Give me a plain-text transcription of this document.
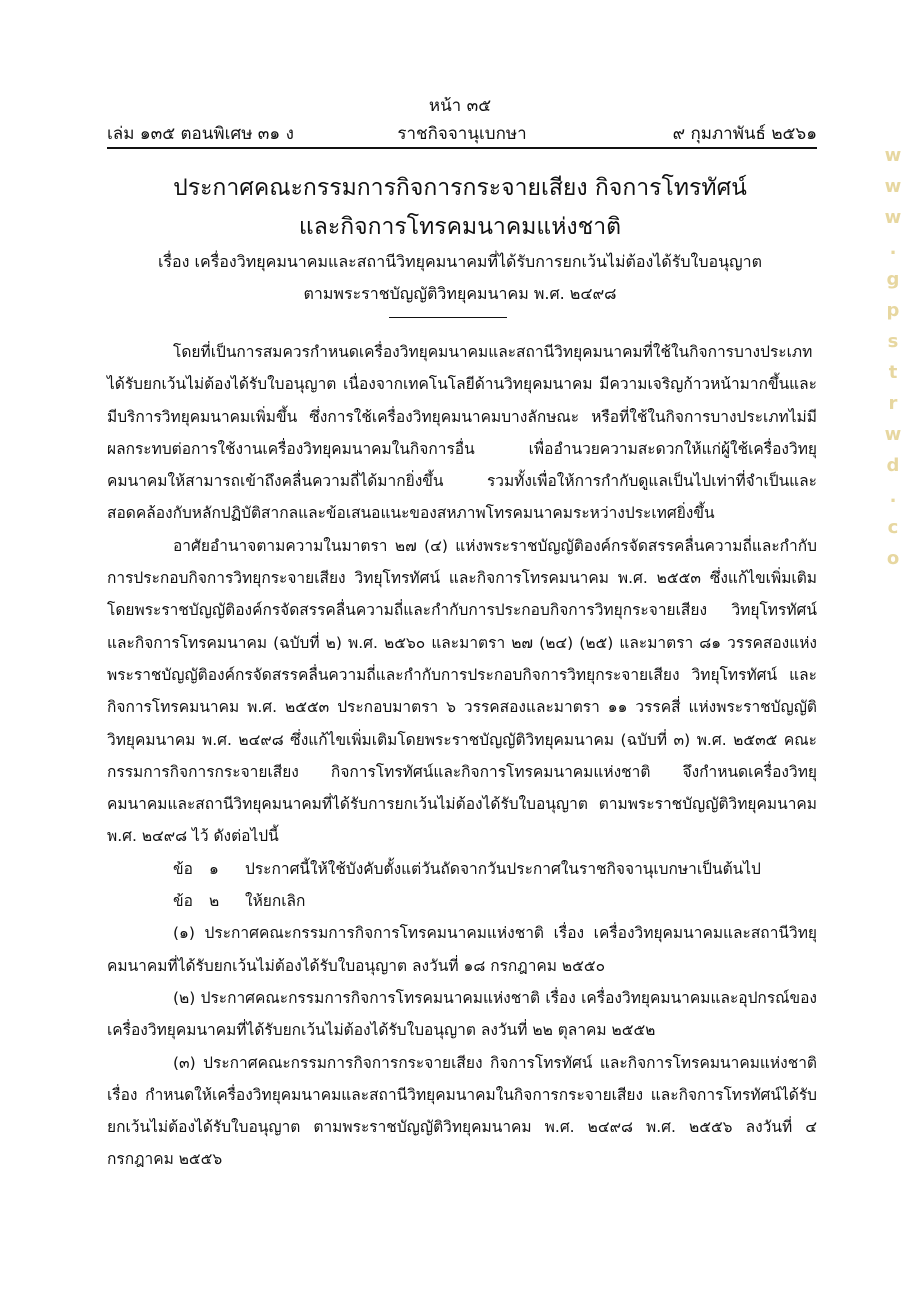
หน้า ๓๕
เล่ม ๑๓๕ ตอนพิเศษ ๓๑ ง	ราชกิจจานุเบกษา	๙ กุมภาพันธ์ ๒๕๖๑
ประกาศคณะกรรมการกิจการกระจายเสียง กิจการโทรทัศน์
และกิจการโทรคมนาคมแห่งชาติ
เรื่อง เครื่องวิทยุคมนาคมและสถานีวิทยุคมนาคมที่ได้รับการยกเว้นไม่ต้องได้รับใบอนุญาต
ตามพระราชบัญญัติวิทยุคมนาคม พ.ศ. ๒๔๙๘

โดยที่เป็นการสมควรกำหนดเครื่องวิทยุคมนาคมและสถานีวิทยุคมนาคมที่ใช้ในกิจการบางประเภทได้รับยกเว้นไม่ต้องได้รับใบอนุญาต เนื่องจากเทคโนโลยีด้านวิทยุคมนาคม มีความเจริญก้าวหน้ามากขึ้นและมีบริการวิทยุคมนาคมเพิ่มขึ้น ซึ่งการใช้เครื่องวิทยุคมนาคมบางลักษณะ หรือที่ใช้ในกิจการบางประเภทไม่มีผลกระทบต่อการใช้งานเครื่องวิทยุคมนาคมในกิจการอื่น เพื่ออำนวยความสะดวกให้แก่ผู้ใช้เครื่องวิทยุคมนาคมให้สามารถเข้าถึงคลื่นความถี่ได้มากยิ่งขึ้น รวมทั้งเพื่อให้การกำกับดูแลเป็นไปเท่าที่จำเป็นและสอดคล้องกับหลักปฏิบัติสากลและข้อเสนอแนะของสหภาพโทรคมนาคมระหว่างประเทศยิ่งขึ้น

อาศัยอำนาจตามความในมาตรา ๒๗ (๔) แห่งพระราชบัญญัติองค์กรจัดสรรคลื่นความถี่และกำกับการประกอบกิจการวิทยุกระจายเสียง วิทยุโทรทัศน์ และกิจการโทรคมนาคม พ.ศ. ๒๕๕๓ ซึ่งแก้ไขเพิ่มเติมโดยพระราชบัญญัติองค์กรจัดสรรคลื่นความถี่และกำกับการประกอบกิจการวิทยุกระจายเสียง วิทยุโทรทัศน์ และกิจการโทรคมนาคม (ฉบับที่ ๒) พ.ศ. ๒๕๖๐ และมาตรา ๒๗ (๒๔) (๒๕) และมาตรา ๘๑ วรรคสองแห่งพระราชบัญญัติองค์กรจัดสรรคลื่นความถี่และกำกับการประกอบกิจการวิทยุกระจายเสียง วิทยุโทรทัศน์ และกิจการโทรคมนาคม พ.ศ. ๒๕๕๓ ประกอบมาตรา ๖ วรรคสองและมาตรา ๑๑ วรรคสี่ แห่งพระราชบัญญัติวิทยุคมนาคม พ.ศ. ๒๔๙๘ ซึ่งแก้ไขเพิ่มเติมโดยพระราชบัญญัติวิทยุคมนาคม (ฉบับที่ ๓) พ.ศ. ๒๕๓๕ คณะกรรมการกิจการกระจายเสียง กิจการโทรทัศน์และกิจการโทรคมนาคมแห่งชาติ จึงกำหนดเครื่องวิทยุคมนาคมและสถานีวิทยุคมนาคมที่ได้รับการยกเว้นไม่ต้องได้รับใบอนุญาต ตามพระราชบัญญัติวิทยุคมนาคม พ.ศ. ๒๔๙๘ ไว้ ดังต่อไปนี้

ข้อ ๑ ประกาศนี้ให้ใช้บังคับตั้งแต่วันถัดจากวันประกาศในราชกิจจานุเบกษาเป็นต้นไป

ข้อ ๒ ให้ยกเลิก

(๑) ประกาศคณะกรรมการกิจการโทรคมนาคมแห่งชาติ เรื่อง เครื่องวิทยุคมนาคมและสถานีวิทยุคมนาคมที่ได้รับยกเว้นไม่ต้องได้รับใบอนุญาต ลงวันที่ ๑๘ กรกฎาคม ๒๕๕๐

(๒) ประกาศคณะกรรมการกิจการโทรคมนาคมแห่งชาติ เรื่อง เครื่องวิทยุคมนาคมและอุปกรณ์ของเครื่องวิทยุคมนาคมที่ได้รับยกเว้นไม่ต้องได้รับใบอนุญาต ลงวันที่ ๒๒ ตุลาคม ๒๕๕๒

(๓) ประกาศคณะกรรมการกิจการกระจายเสียง กิจการโทรทัศน์ และกิจการโทรคมนาคมแห่งชาติ เรื่อง กำหนดให้เครื่องวิทยุคมนาคมและสถานีวิทยุคมนาคมในกิจการกระจายเสียง และกิจการโทรทัศน์ได้รับยกเว้นไม่ต้องได้รับใบอนุญาต ตามพระราชบัญญัติวิทยุคมนาคม พ.ศ. ๒๔๙๘ พ.ศ. ๒๕๕๖ ลงวันที่ ๔ กรกฎาคม ๒๕๕๖

w
w
w
.
g
p
s
t
r
w
d
.
c
o
